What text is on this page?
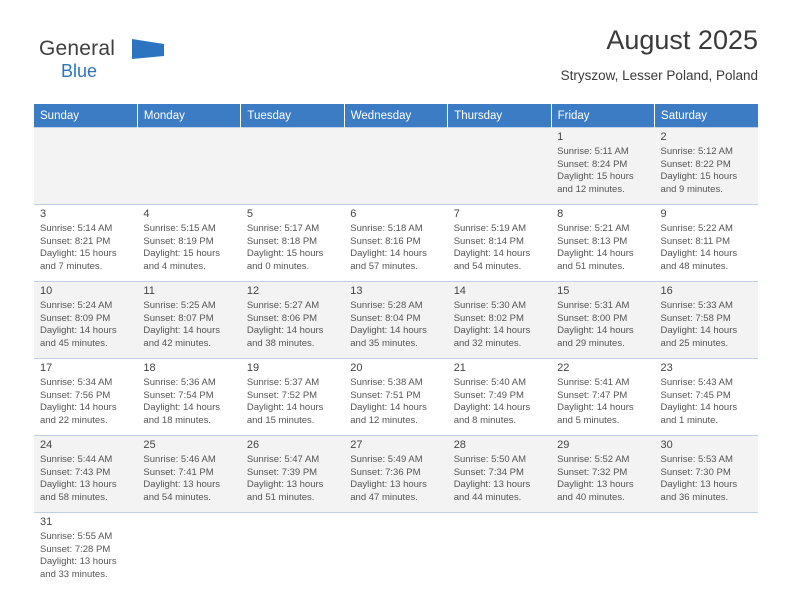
General
Blue
August 2025
Stryszow, Lesser Poland, Poland
Sunday	Monday	Tuesday	Wednesday	Thursday	Friday	Saturday

					1
Sunrise: 5:11 AM
Sunset: 8:24 PM
Daylight: 15 hours
and 12 minutes.	2
Sunrise: 5:12 AM
Sunset: 8:22 PM
Daylight: 15 hours
and 9 minutes.

3
Sunrise: 5:14 AM
Sunset: 8:21 PM
Daylight: 15 hours
and 7 minutes.	4
Sunrise: 5:15 AM
Sunset: 8:19 PM
Daylight: 15 hours
and 4 minutes.	5
Sunrise: 5:17 AM
Sunset: 8:18 PM
Daylight: 15 hours
and 0 minutes.	6
Sunrise: 5:18 AM
Sunset: 8:16 PM
Daylight: 14 hours
and 57 minutes.	7
Sunrise: 5:19 AM
Sunset: 8:14 PM
Daylight: 14 hours
and 54 minutes.	8
Sunrise: 5:21 AM
Sunset: 8:13 PM
Daylight: 14 hours
and 51 minutes.	9
Sunrise: 5:22 AM
Sunset: 8:11 PM
Daylight: 14 hours
and 48 minutes.

10
Sunrise: 5:24 AM
Sunset: 8:09 PM
Daylight: 14 hours
and 45 minutes.	11
Sunrise: 5:25 AM
Sunset: 8:07 PM
Daylight: 14 hours
and 42 minutes.	12
Sunrise: 5:27 AM
Sunset: 8:06 PM
Daylight: 14 hours
and 38 minutes.	13
Sunrise: 5:28 AM
Sunset: 8:04 PM
Daylight: 14 hours
and 35 minutes.	14
Sunrise: 5:30 AM
Sunset: 8:02 PM
Daylight: 14 hours
and 32 minutes.	15
Sunrise: 5:31 AM
Sunset: 8:00 PM
Daylight: 14 hours
and 29 minutes.	16
Sunrise: 5:33 AM
Sunset: 7:58 PM
Daylight: 14 hours
and 25 minutes.

17
Sunrise: 5:34 AM
Sunset: 7:56 PM
Daylight: 14 hours
and 22 minutes.	18
Sunrise: 5:36 AM
Sunset: 7:54 PM
Daylight: 14 hours
and 18 minutes.	19
Sunrise: 5:37 AM
Sunset: 7:52 PM
Daylight: 14 hours
and 15 minutes.	20
Sunrise: 5:38 AM
Sunset: 7:51 PM
Daylight: 14 hours
and 12 minutes.	21
Sunrise: 5:40 AM
Sunset: 7:49 PM
Daylight: 14 hours
and 8 minutes.	22
Sunrise: 5:41 AM
Sunset: 7:47 PM
Daylight: 14 hours
and 5 minutes.	23
Sunrise: 5:43 AM
Sunset: 7:45 PM
Daylight: 14 hours
and 1 minute.

24
Sunrise: 5:44 AM
Sunset: 7:43 PM
Daylight: 13 hours
and 58 minutes.	25
Sunrise: 5:46 AM
Sunset: 7:41 PM
Daylight: 13 hours
and 54 minutes.	26
Sunrise: 5:47 AM
Sunset: 7:39 PM
Daylight: 13 hours
and 51 minutes.	27
Sunrise: 5:49 AM
Sunset: 7:36 PM
Daylight: 13 hours
and 47 minutes.	28
Sunrise: 5:50 AM
Sunset: 7:34 PM
Daylight: 13 hours
and 44 minutes.	29
Sunrise: 5:52 AM
Sunset: 7:32 PM
Daylight: 13 hours
and 40 minutes.	30
Sunrise: 5:53 AM
Sunset: 7:30 PM
Daylight: 13 hours
and 36 minutes.

31
Sunrise: 5:55 AM
Sunset: 7:28 PM
Daylight: 13 hours
and 33 minutes.						
